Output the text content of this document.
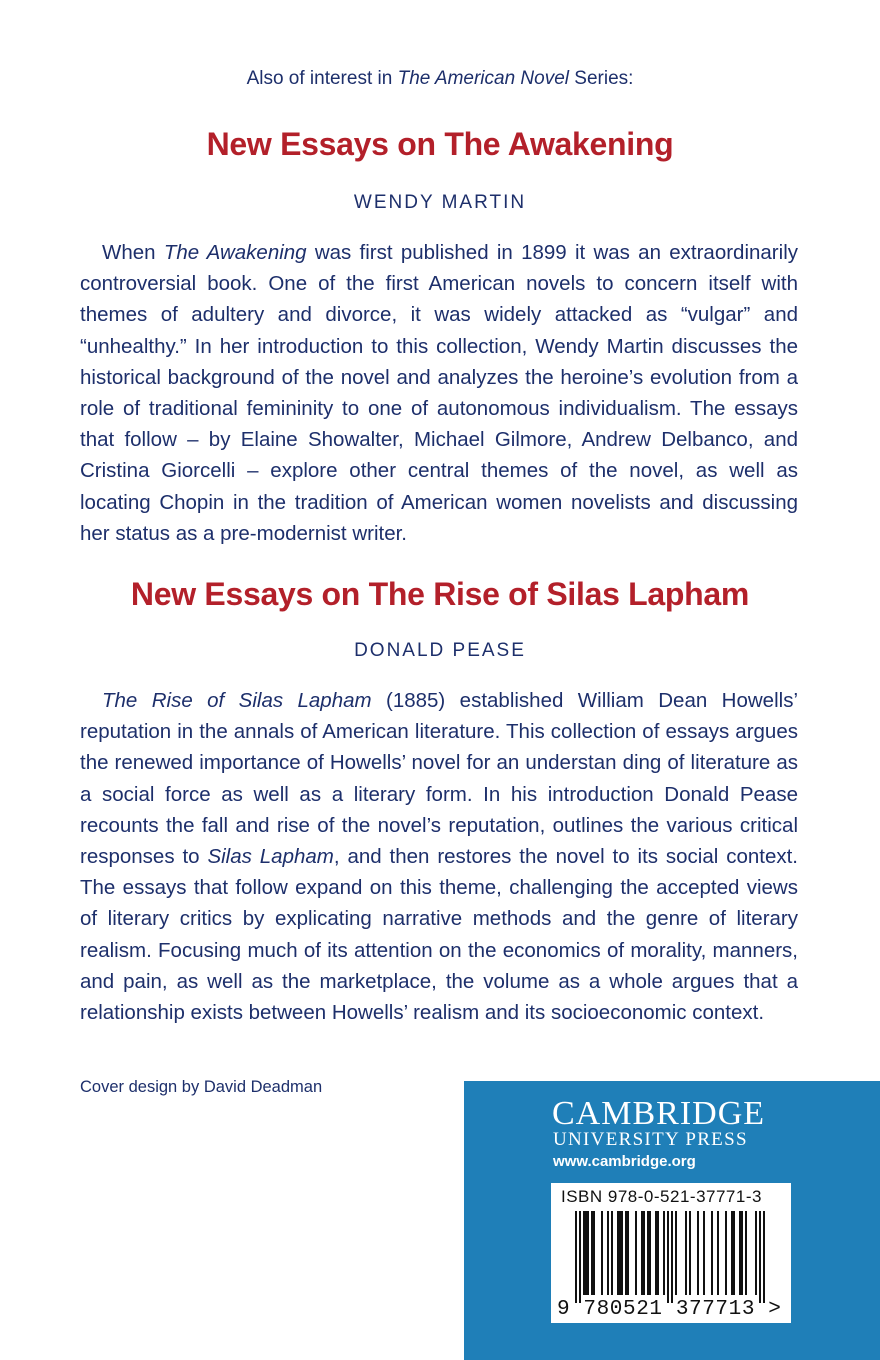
Also of interest in The American Novel Series:
New Essays on The Awakening
WENDY MARTIN

When The Awakening was first published in 1899 it was an extraordinarily controversial book. One of the first American novels to concern itself with themes of adultery and divorce, it was widely attacked as “vulgar” and “unhealthy.” In her introduction to this collection, Wendy Martin discusses the historical background of the novel and analyzes the heroine’s evolution from a role of traditional femininity to one of autonomous individualism. The essays that follow – by Elaine Showalter, Michael Gilmore, Andrew Delbanco, and Cristina Giorcelli – explore other central themes of the novel, as well as locating Chopin in the tradition of American women novelists and discussing her status as a pre-modernist writer.

New Essays on The Rise of Silas Lapham
DONALD PEASE

The Rise of Silas Lapham (1885) established William Dean Howells’ reputation in the annals of American literature. This collection of essays argues the renewed importance of Howells’ novel for an understan ding of literature as a social force as well as a literary form. In his introduction Donald Pease recounts the fall and rise of the novel’s reputation, outlines the various critical responses to Silas Lapham, and then restores the novel to its social context. The essays that follow expand on this theme, challenging the accepted views of literary critics by explicating narrative methods and the genre of literary realism. Focusing much of its attention on the economics of morality, manners, and pain, as well as the marketplace, the volume as a whole argues that a relationship exists between Howells’ realism and its socioeconomic context.

Cover design by David Deadman
CAMBRIDGE
UNIVERSITY PRESS
www.cambridge.org
ISBN 978-0-521-37771-3
9 780521 377713 >
